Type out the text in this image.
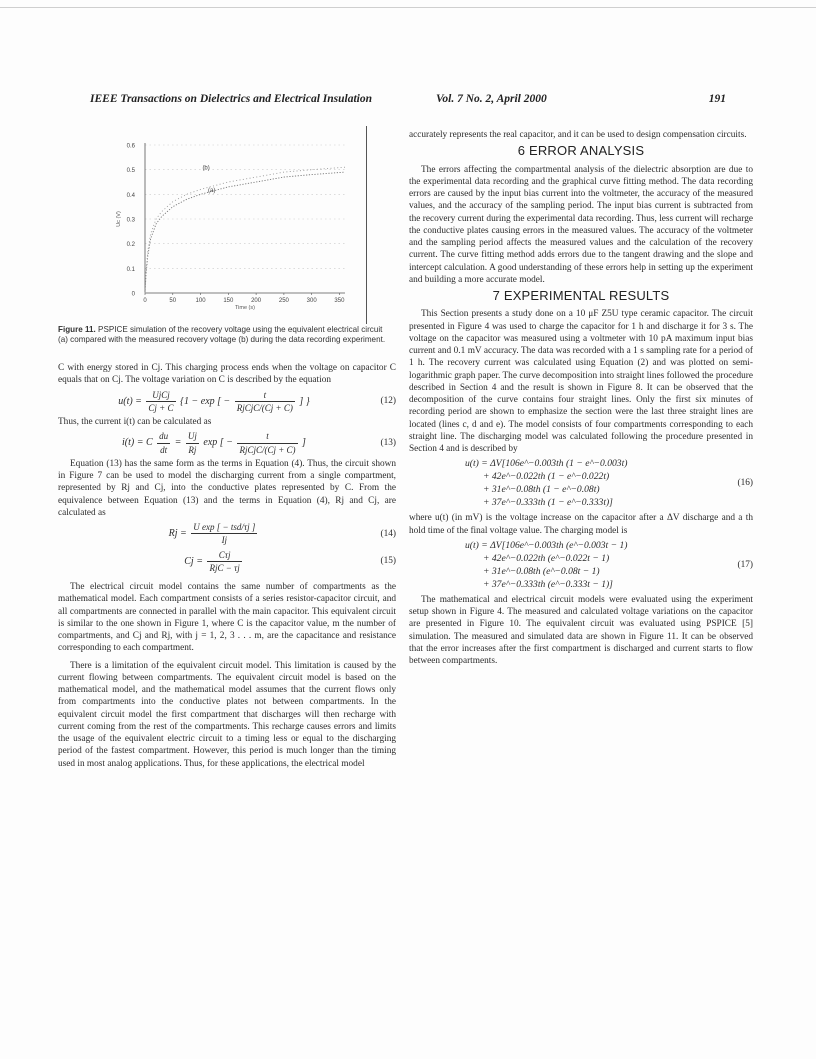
IEEE Transactions on Dielectrics and Electrical Insulation	Vol. 7 No. 2, April 2000	191
0
0.1
0.2
0.3
0.4
0.5
0.6
0	50	100	150	200	250	300	350
Time (s)
Uc (V)
(a)
(b)
Figure 11. PSPICE simulation of the recovery voltage using the equivalent electrical circuit (a) compared with the measured recovery voltage (b) during the data recording experiment.

C with energy stored in Cj. This charging process ends when the voltage on capacitor C equals that on Cj. The voltage variation on C is described by the equation

$u(t) = \frac{\text{UjCj}}{Cj + C} \{1 - \exp$ [ − $\frac{t}{\text{RjCjC/(Cj + C)}}$ ] }	(12)

Thus, the current i(t) can be calculated as

i(t) = C $\frac{du}{dt} = \frac{Uj}{Rj}$ exp [ − $\frac{t}{\text{RjCjC/(Cj + C)}}$ ]	(13)

Equation (13) has the same form as the terms in Equation (4). Thus, the circuit shown in Figure 7 can be used to model the discharging current from a single compartment, represented by Rj and Cj, into the conductive plates represented by C. From the equivalence between Equation (13) and the terms in Equation (4), Rj and Cj, are calculated as

$Rj = \frac{\text{U exp [ − tsd/τj ]}}{Ij}$	(14)
$Cj = \frac{\text{Cτj}}{\text{RjC − τj}}$	(15)

The electrical circuit model contains the same number of compartments as the mathematical model. Each compartment consists of a series resistor-capacitor circuit, and all compartments are connected in parallel with the main capacitor. This equivalent circuit is similar to the one shown in Figure 1, where C is the capacitor value, m the number of compartments, and Cj and Rj, with j = 1, 2, 3 . . . m, are the capacitance and resistance corresponding to each compartment.

There is a limitation of the equivalent circuit model. This limitation is caused by the current flowing between compartments. The equivalent circuit model is based on the mathematical model, and the mathematical model assumes that the current flows only from compartments into the conductive plates not between compartments. In the equivalent circuit model the first compartment that discharges will then recharge with current coming from the rest of the compartments. This recharge causes errors and limits the usage of the equivalent electric circuit to a timing less or equal to the discharging period of the fastest compartment. However, this period is much longer than the timing used in most analog applications. Thus, for these applications, the electrical model

accurately represents the real capacitor, and it can be used to design compensation circuits.

6 ERROR ANALYSIS

The errors affecting the compartmental analysis of the dielectric absorption are due to the experimental data recording and the graphical curve fitting method. The data recording errors are caused by the input bias current into the voltmeter, the accuracy of the measured values, and the accuracy of the sampling period. The input bias current is subtracted from the recovery current during the experimental data recording. Thus, less current will recharge the conductive plates causing errors in the measured values. The accuracy of the voltmeter and the sampling period affects the measured values and the calculation of the recovery current. The curve fitting method adds errors due to the tangent drawing and the slope and intercept calculation. A good understanding of these errors help in setting up the experiment and building a more accurate model.

7 EXPERIMENTAL RESULTS

This Section presents a study done on a 10 μF Z5U type ceramic capacitor. The circuit presented in Figure 4 was used to charge the capacitor for 1 h and discharge it for 3 s. The voltage on the capacitor was measured using a voltmeter with 10 pA maximum input bias current and 0.1 mV accuracy. The data was recorded with a 1 s sampling rate for a period of 1 h. The recovery current was calculated using Equation (2) and was plotted on semi-logarithmic graph paper. The curve decomposition into straight lines followed the procedure described in Section 4 and the result is shown in Figure 8. It can be observed that the decomposition of the curve contains four straight lines. Only the first six minutes of recording period are shown to emphasize the section were the last three straight lines are located (lines c, d and e). The model consists of four compartments corresponding to each straight line. The discharging model was calculated following the procedure presented in Section 4 and is described by

u(t) = ΔV[106e^−0.003th (1 − e^−0.003t)
+ 42e^−0.022th (1 − e^−0.022t)
+ 31e^−0.08th (1 − e^−0.08t)
+ 37e^−0.333th (1 − e^−0.333t)]
(16)

where u(t) (in mV) is the voltage increase on the capacitor after a ΔV discharge and a th hold time of the final voltage value. The charging model is

u(t) = ΔV[106e^−0.003th (e^−0.003t − 1)
+ 42e^−0.022th (e^−0.022t − 1)
+ 31e^−0.08th (e^−0.08t − 1)
+ 37e^−0.333th (e^−0.333t − 1)]
(17)

The mathematical and electrical circuit models were evaluated using the experiment setup shown in Figure 4. The measured and calculated voltage variations on the capacitor are presented in Figure 10. The equivalent circuit was evaluated using PSPICE [5] simulation. The measured and simulated data are shown in Figure 11. It can be observed that the error increases after the first compartment is discharged and current starts to flow between compartments.
